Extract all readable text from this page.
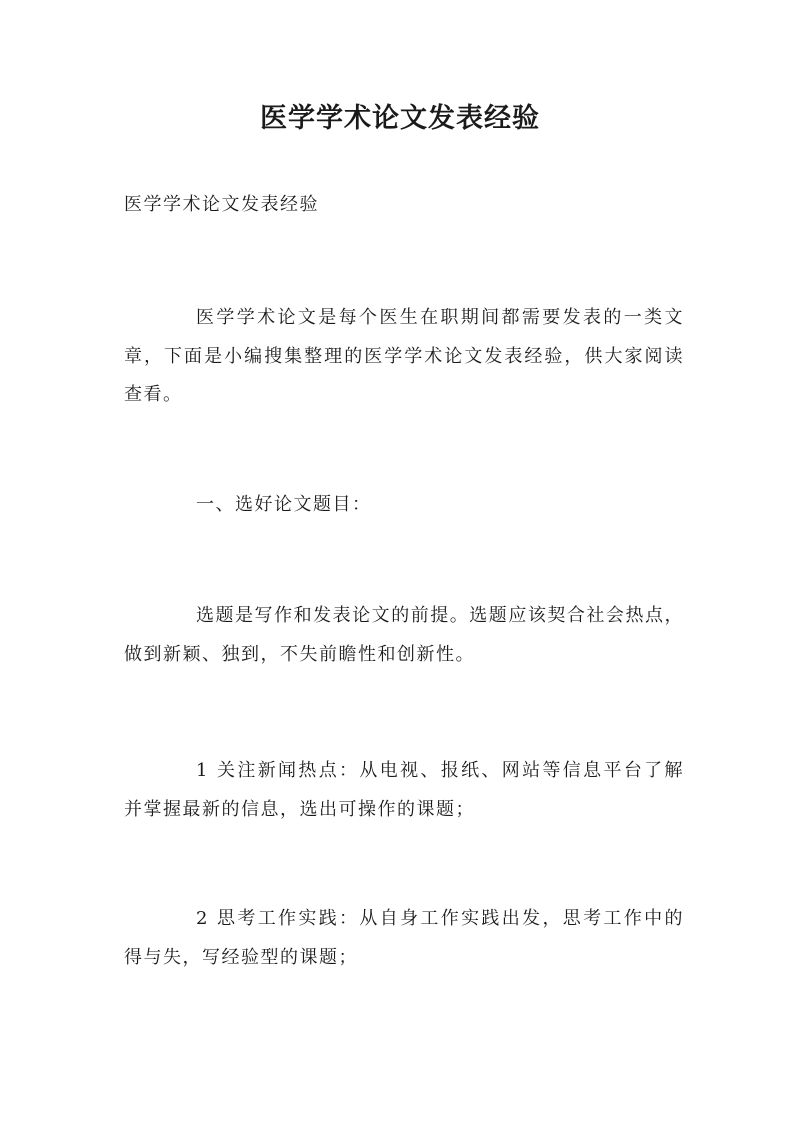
医学学术论文发表经验

医学学术论文发表经验

医学学术论文是每个医生在职期间都需要发表的一类文章，下面是小编搜集整理的医学学术论文发表经验，供大家阅读查看。

一、选好论文题目：

选题是写作和发表论文的前提。选题应该契合社会热点，做到新颖、独到，不失前瞻性和创新性。

1 关注新闻热点：从电视、报纸、网站等信息平台了解并掌握最新的信息，选出可操作的课题；

2 思考工作实践：从自身工作实践出发，思考工作中的得与失，写经验型的课题；
